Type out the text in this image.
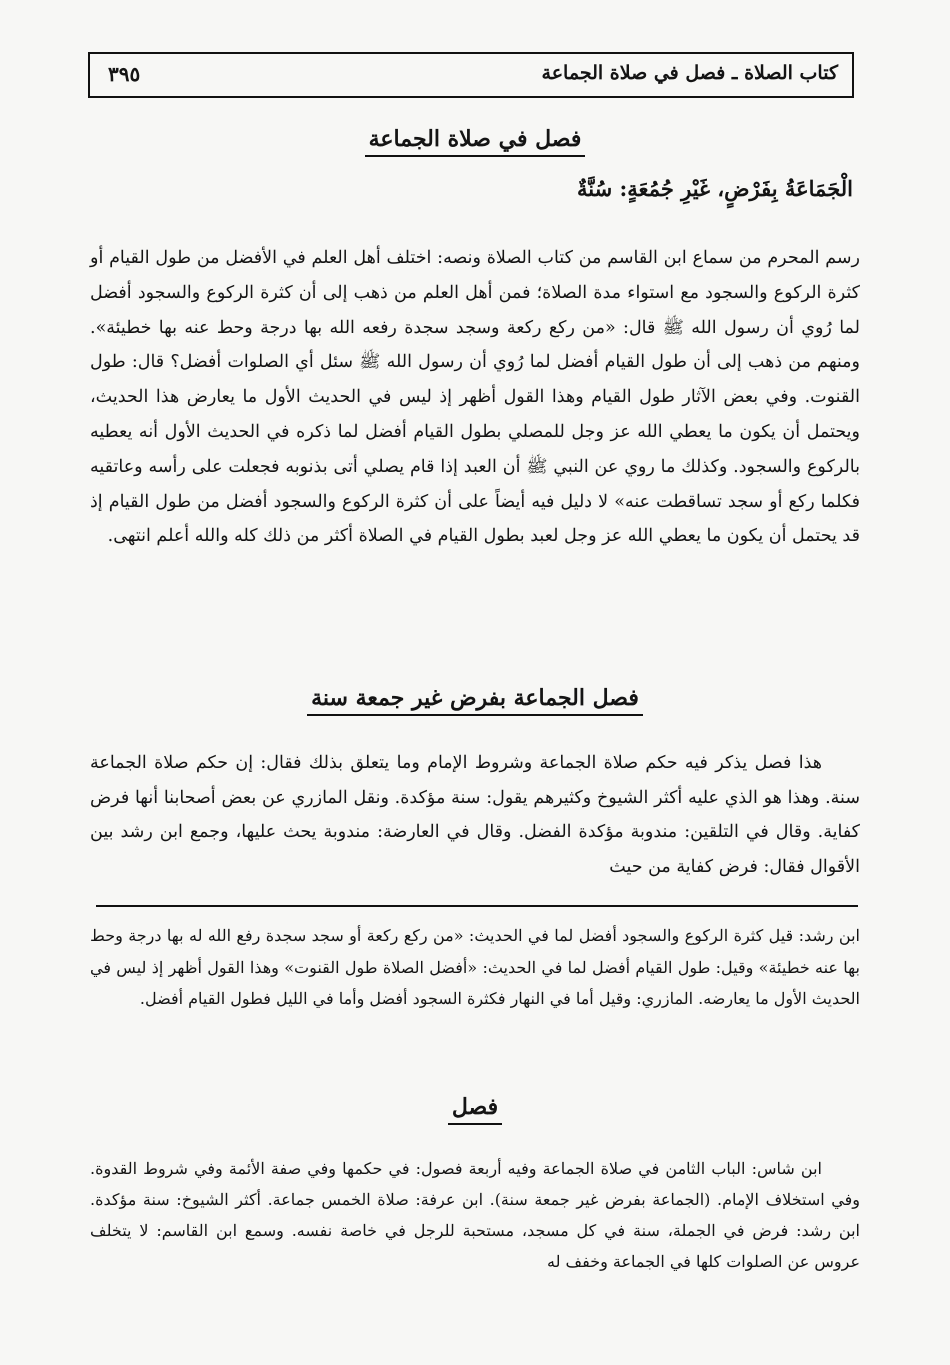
كتاب الصلاة ـ فصل في صلاة الجماعة
٣٩٥
فصل في صلاة الجماعة
الْجَمَاعَةُ بِفَرْضٍ، غَيْرِ جُمُعَةٍ: سُنَّةٌ

رسم المحرم من سماع ابن القاسم من كتاب الصلاة ونصه: اختلف أهل العلم في الأفضل من طول القيام أو كثرة الركوع والسجود مع استواء مدة الصلاة؛ فمن أهل العلم من ذهب إلى أن كثرة الركوع والسجود أفضل لما رُوي أن رسول الله ﷺ قال: «من ركع ركعة وسجد سجدة رفعه الله بها درجة وحط عنه بها خطيئة». ومنهم من ذهب إلى أن طول القيام أفضل لما رُوي أن رسول الله ﷺ سئل أي الصلوات أفضل؟ قال: طول القنوت. وفي بعض الآثار طول القيام وهذا القول أظهر إذ ليس في الحديث الأول ما يعارض هذا الحديث، ويحتمل أن يكون ما يعطي الله عز وجل للمصلي بطول القيام أفضل لما ذكره في الحديث الأول أنه يعطيه بالركوع والسجود. وكذلك ما روي عن النبي ﷺ أن العبد إذا قام يصلي أتى بذنوبه فجعلت على رأسه وعاتقيه فكلما ركع أو سجد تساقطت عنه» لا دليل فيه أيضاً على أن كثرة الركوع والسجود أفضل من طول القيام إذ قد يحتمل أن يكون ما يعطي الله عز وجل لعبد بطول القيام في الصلاة أكثر من ذلك كله والله أعلم انتهى.

فصل الجماعة بفرض غير جمعة سنة

هذا فصل يذكر فيه حكم صلاة الجماعة وشروط الإمام وما يتعلق بذلك فقال: إن حكم صلاة الجماعة سنة. وهذا هو الذي عليه أكثر الشيوخ وكثيرهم يقول: سنة مؤكدة. ونقل المازري عن بعض أصحابنا أنها فرض كفاية. وقال في التلقين: مندوبة مؤكدة الفضل. وقال في العارضة: مندوبة يحث عليها، وجمع ابن رشد بين الأقوال فقال: فرض كفاية من حيث

ابن رشد: قيل كثرة الركوع والسجود أفضل لما في الحديث: «من ركع ركعة أو سجد سجدة رفع الله له بها درجة وحط بها عنه خطيئة» وقيل: طول القيام أفضل لما في الحديث: «أفضل الصلاة طول القنوت» وهذا القول أظهر إذ ليس في الحديث الأول ما يعارضه. المازري: وقيل أما في النهار فكثرة السجود أفضل وأما في الليل فطول القيام أفضل.

فصل

ابن شاس: الباب الثامن في صلاة الجماعة وفيه أربعة فصول: في حكمها وفي صفة الأئمة وفي شروط القدوة. وفي استخلاف الإمام. (الجماعة بفرض غير جمعة سنة). ابن عرفة: صلاة الخمس جماعة. أكثر الشيوخ: سنة مؤكدة. ابن رشد: فرض في الجملة، سنة في كل مسجد، مستحبة للرجل في خاصة نفسه. وسمع ابن القاسم: لا يتخلف عروس عن الصلوات كلها في الجماعة وخفف له
